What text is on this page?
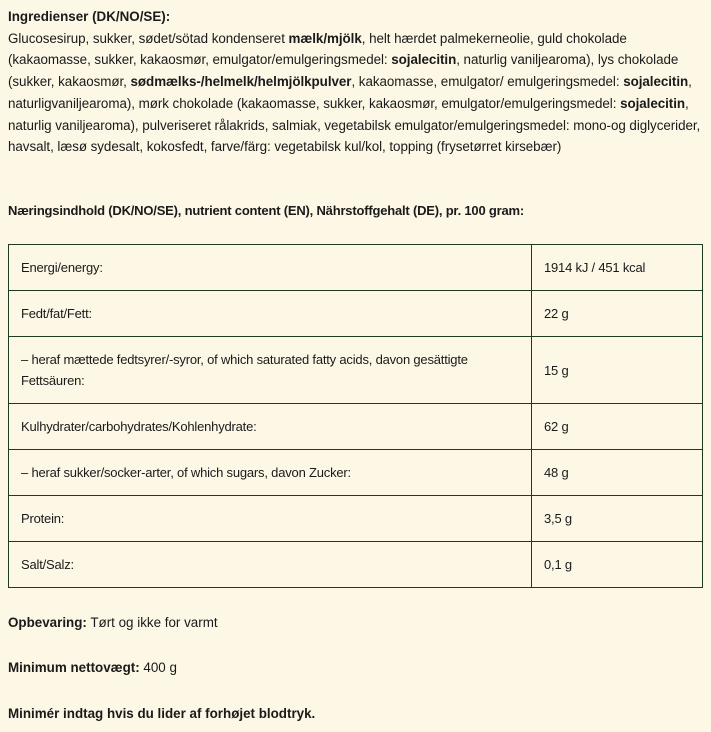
Ingredienser (DK/NO/SE):

Glucosesirup, sukker, sødet/sötad kondenseret mælk/mjölk, helt hærdet palmekerneolie, guld chokolade (kakaomasse, sukker, kakaosmør, emulgator/emulgeringsmedel: sojalecitin, naturlig vaniljearoma), lys chokolade (sukker, kakaosmør, sødmælks-/helmelk/helmjölkpulver, kakaomasse, emulgator/ emulgeringsmedel: sojalecitin, naturligvaniljearoma), mørk chokolade (kakaomasse, sukker, kakaosmør, emulgator/emulgeringsmedel: sojalecitin, naturlig vaniljearoma), pulveriseret rålakrids, salmiak, vegetabilsk emulgator/emulgeringsmedel: mono-og diglycerider, havsalt, læsø sydesalt, kokosfedt, farve/färg: vegetabilsk kul/kol, topping (frysetørret kirsebær)

Næringsindhold (DK/NO/SE), nutrient content (EN), Nährstoffgehalt (DE), pr. 100 gram:
Energi/energy:	1914 kJ / 451 kcal
Fedt/fat/Fett:	22 g
– heraf mættede fedtsyrer/-syror, of which saturated fatty acids, davon gesättigte Fettsäuren:	15 g
Kulhydrater/carbohydrates/Kohlenhydrate:	62 g
– heraf sukker/socker-arter, of which sugars, davon Zucker:	48 g
Protein:	3,5 g
Salt/Salz:	0,1 g
Opbevaring: Tørt og ikke for varmt
Minimum nettovægt: 400 g
Minimér indtag hvis du lider af forhøjet blodtryk.
